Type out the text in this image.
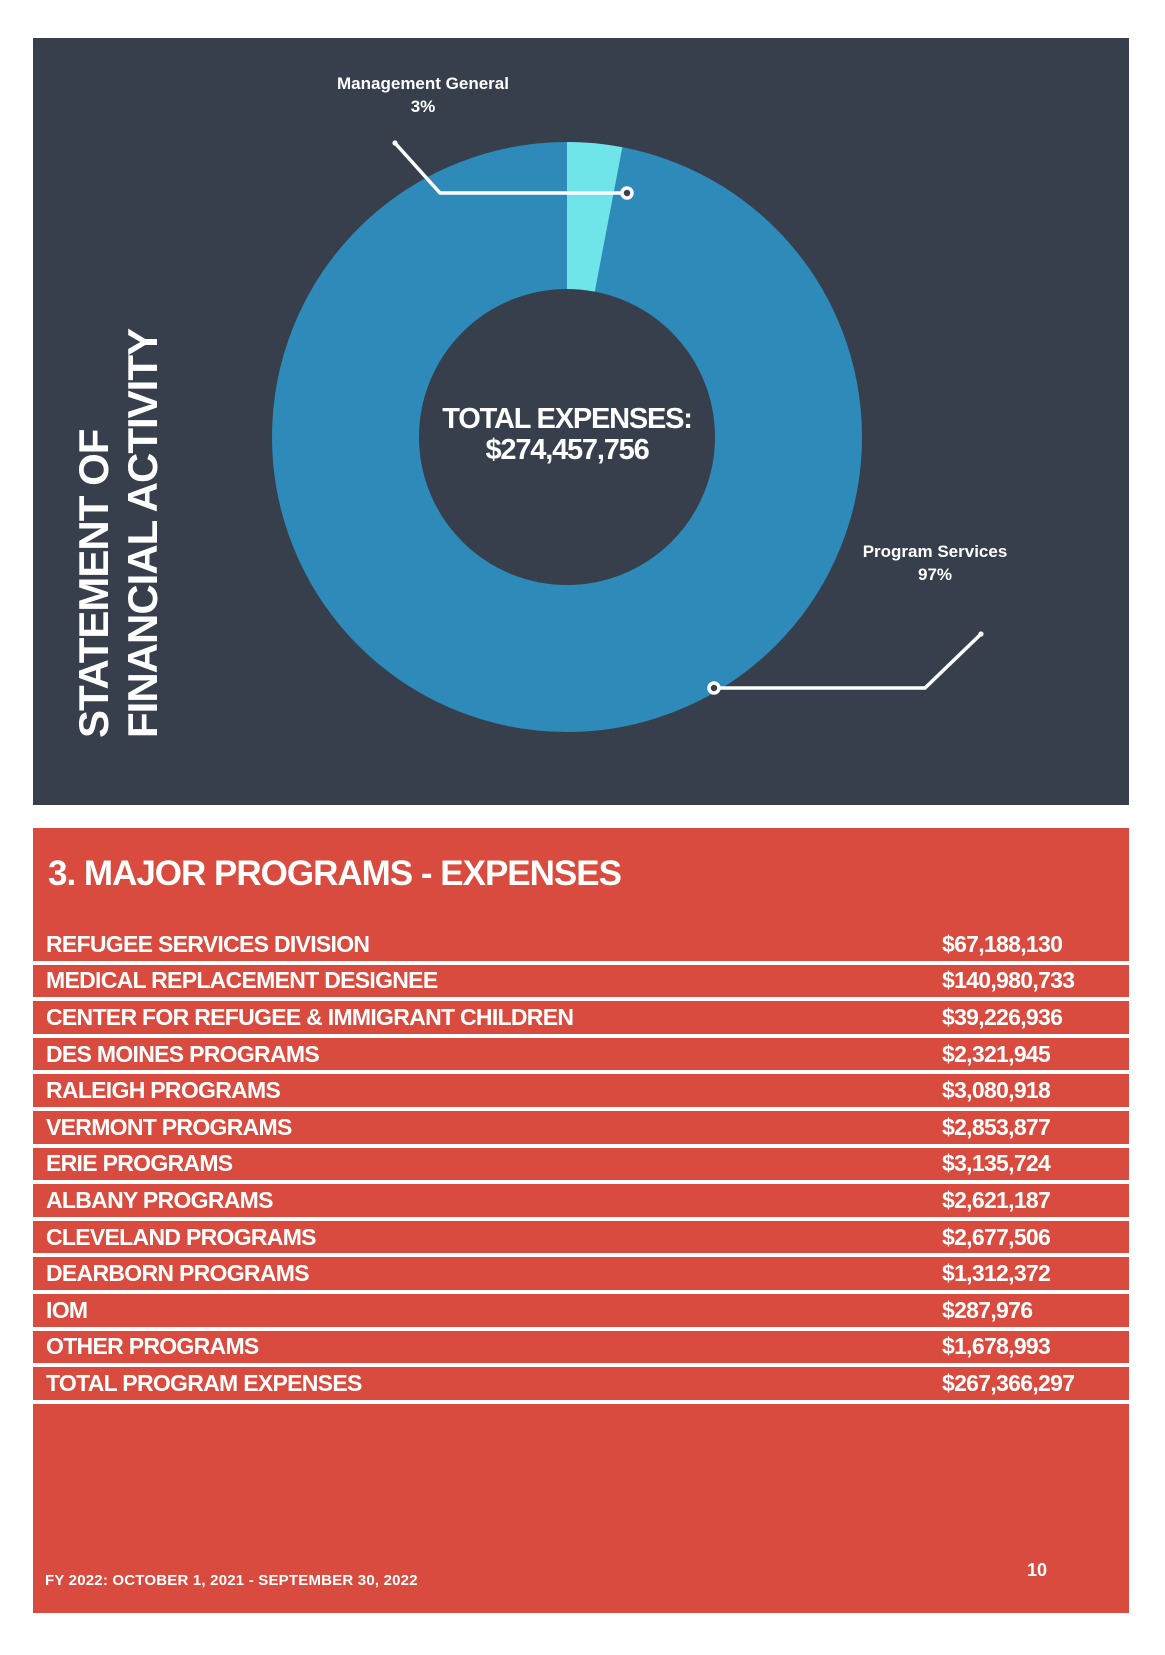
STATEMENT OF FINANCIAL ACTIVITY
Management General
3%
Program Services
97%
TOTAL EXPENSES:
$274,457,756
3. MAJOR PROGRAMS - EXPENSES
REFUGEE SERVICES DIVISION	$67,188,130
MEDICAL REPLACEMENT DESIGNEE	$140,980,733
CENTER FOR REFUGEE & IMMIGRANT CHILDREN	$39,226,936
DES MOINES PROGRAMS	$2,321,945
RALEIGH PROGRAMS	$3,080,918
VERMONT PROGRAMS	$2,853,877
ERIE PROGRAMS	$3,135,724
ALBANY PROGRAMS	$2,621,187
CLEVELAND PROGRAMS	$2,677,506
DEARBORN PROGRAMS	$1,312,372
IOM	$287,976
OTHER PROGRAMS	$1,678,993
TOTAL PROGRAM EXPENSES	$267,366,297
FY 2022: OCTOBER 1, 2021 - SEPTEMBER 30, 2022
10
